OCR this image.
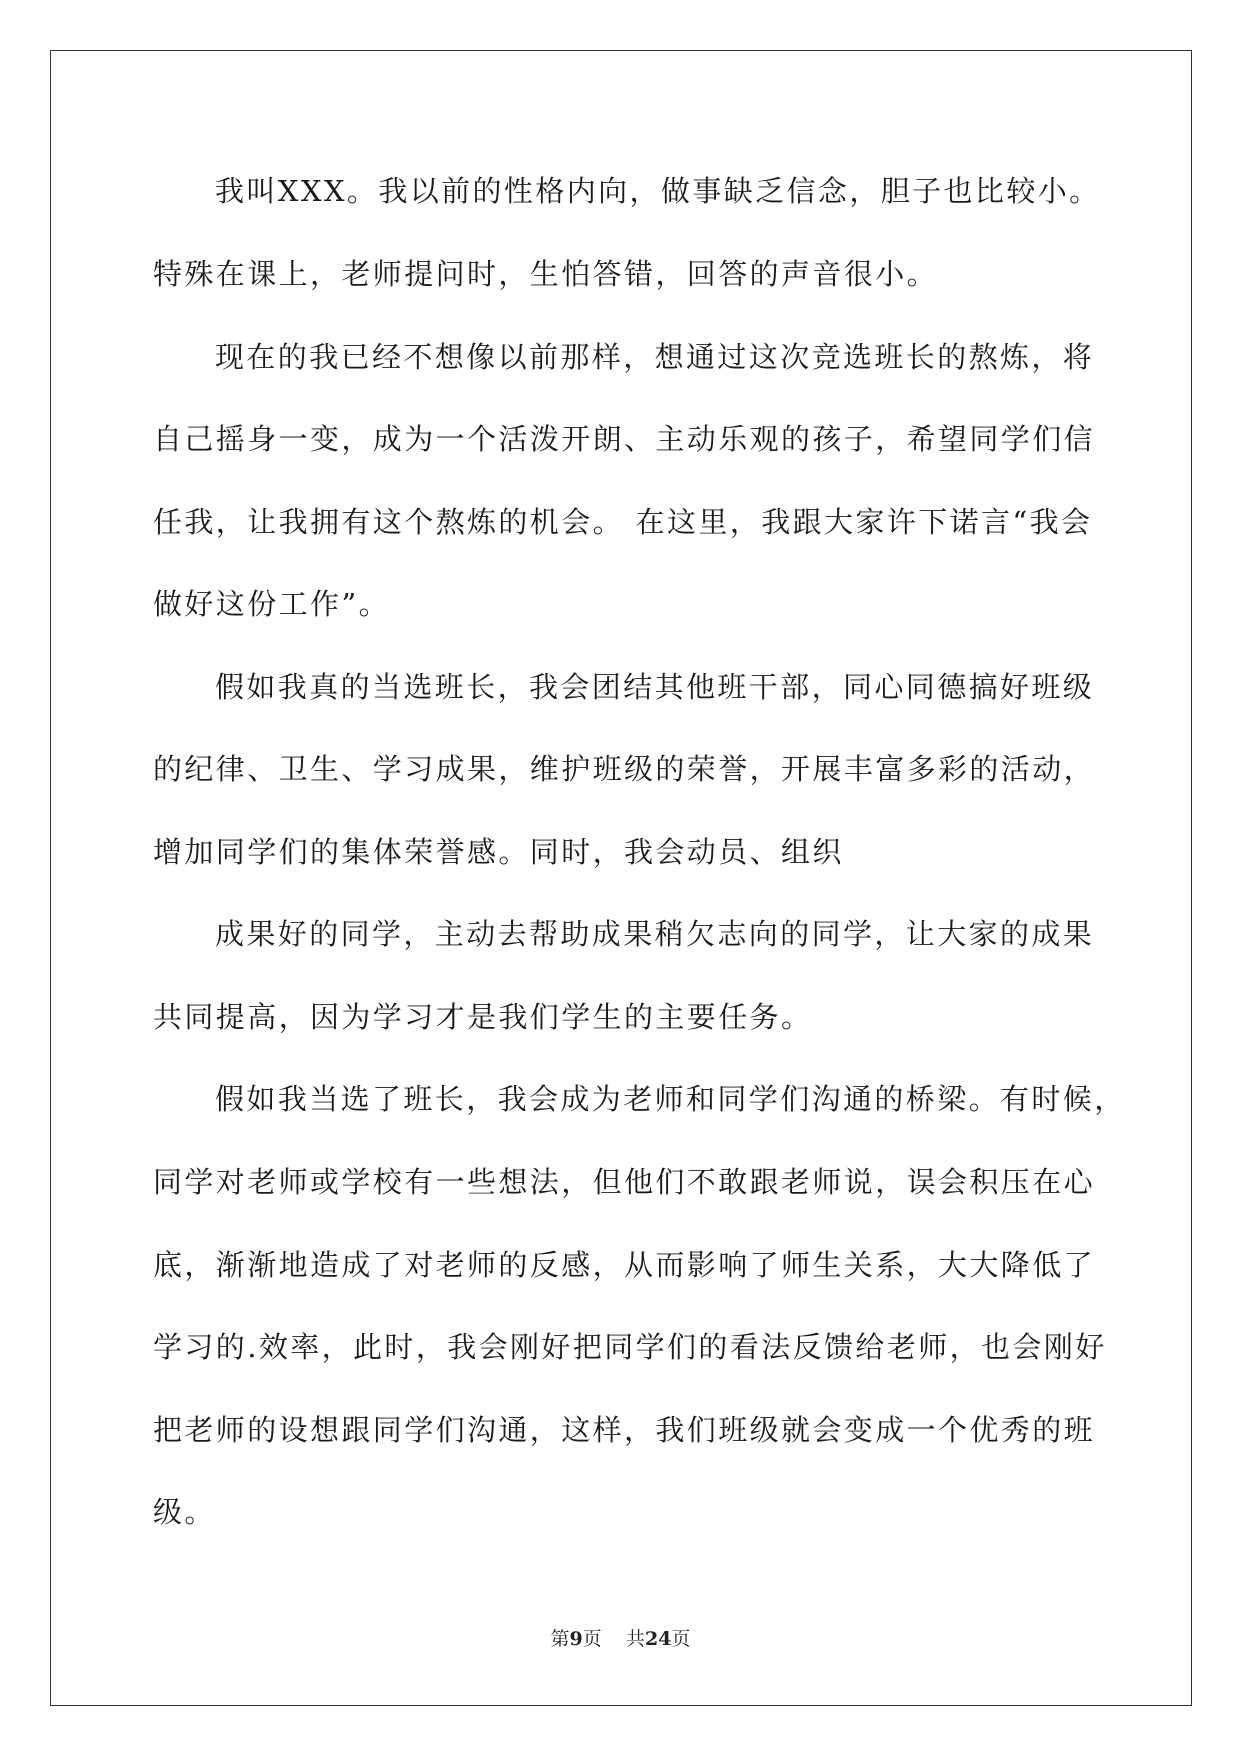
我叫XXX。我以前的性格内向，做事缺乏信念，胆子也比较小。

特殊在课上，老师提问时，生怕答错，回答的声音很小。

现在的我已经不想像以前那样，想通过这次竞选班长的熬炼，将

自己摇身一变，成为一个活泼开朗、主动乐观的孩子，希望同学们信

任我，让我拥有这个熬炼的机会。 在这里，我跟大家许下诺言“我会

做好这份工作”。

假如我真的当选班长，我会团结其他班干部，同心同德搞好班级

的纪律、卫生、学习成果，维护班级的荣誉，开展丰富多彩的活动，

增加同学们的集体荣誉感。同时，我会动员、组织

成果好的同学，主动去帮助成果稍欠志向的同学，让大家的成果

共同提高，因为学习才是我们学生的主要任务。

假如我当选了班长，我会成为老师和同学们沟通的桥梁。有时候，

同学对老师或学校有一些想法，但他们不敢跟老师说，误会积压在心

底，渐渐地造成了对老师的反感，从而影响了师生关系，大大降低了

学习的.效率，此时，我会刚好把同学们的看法反馈给老师，也会刚好

把老师的设想跟同学们沟通，这样，我们班级就会变成一个优秀的班

级。

第9页 共24页
